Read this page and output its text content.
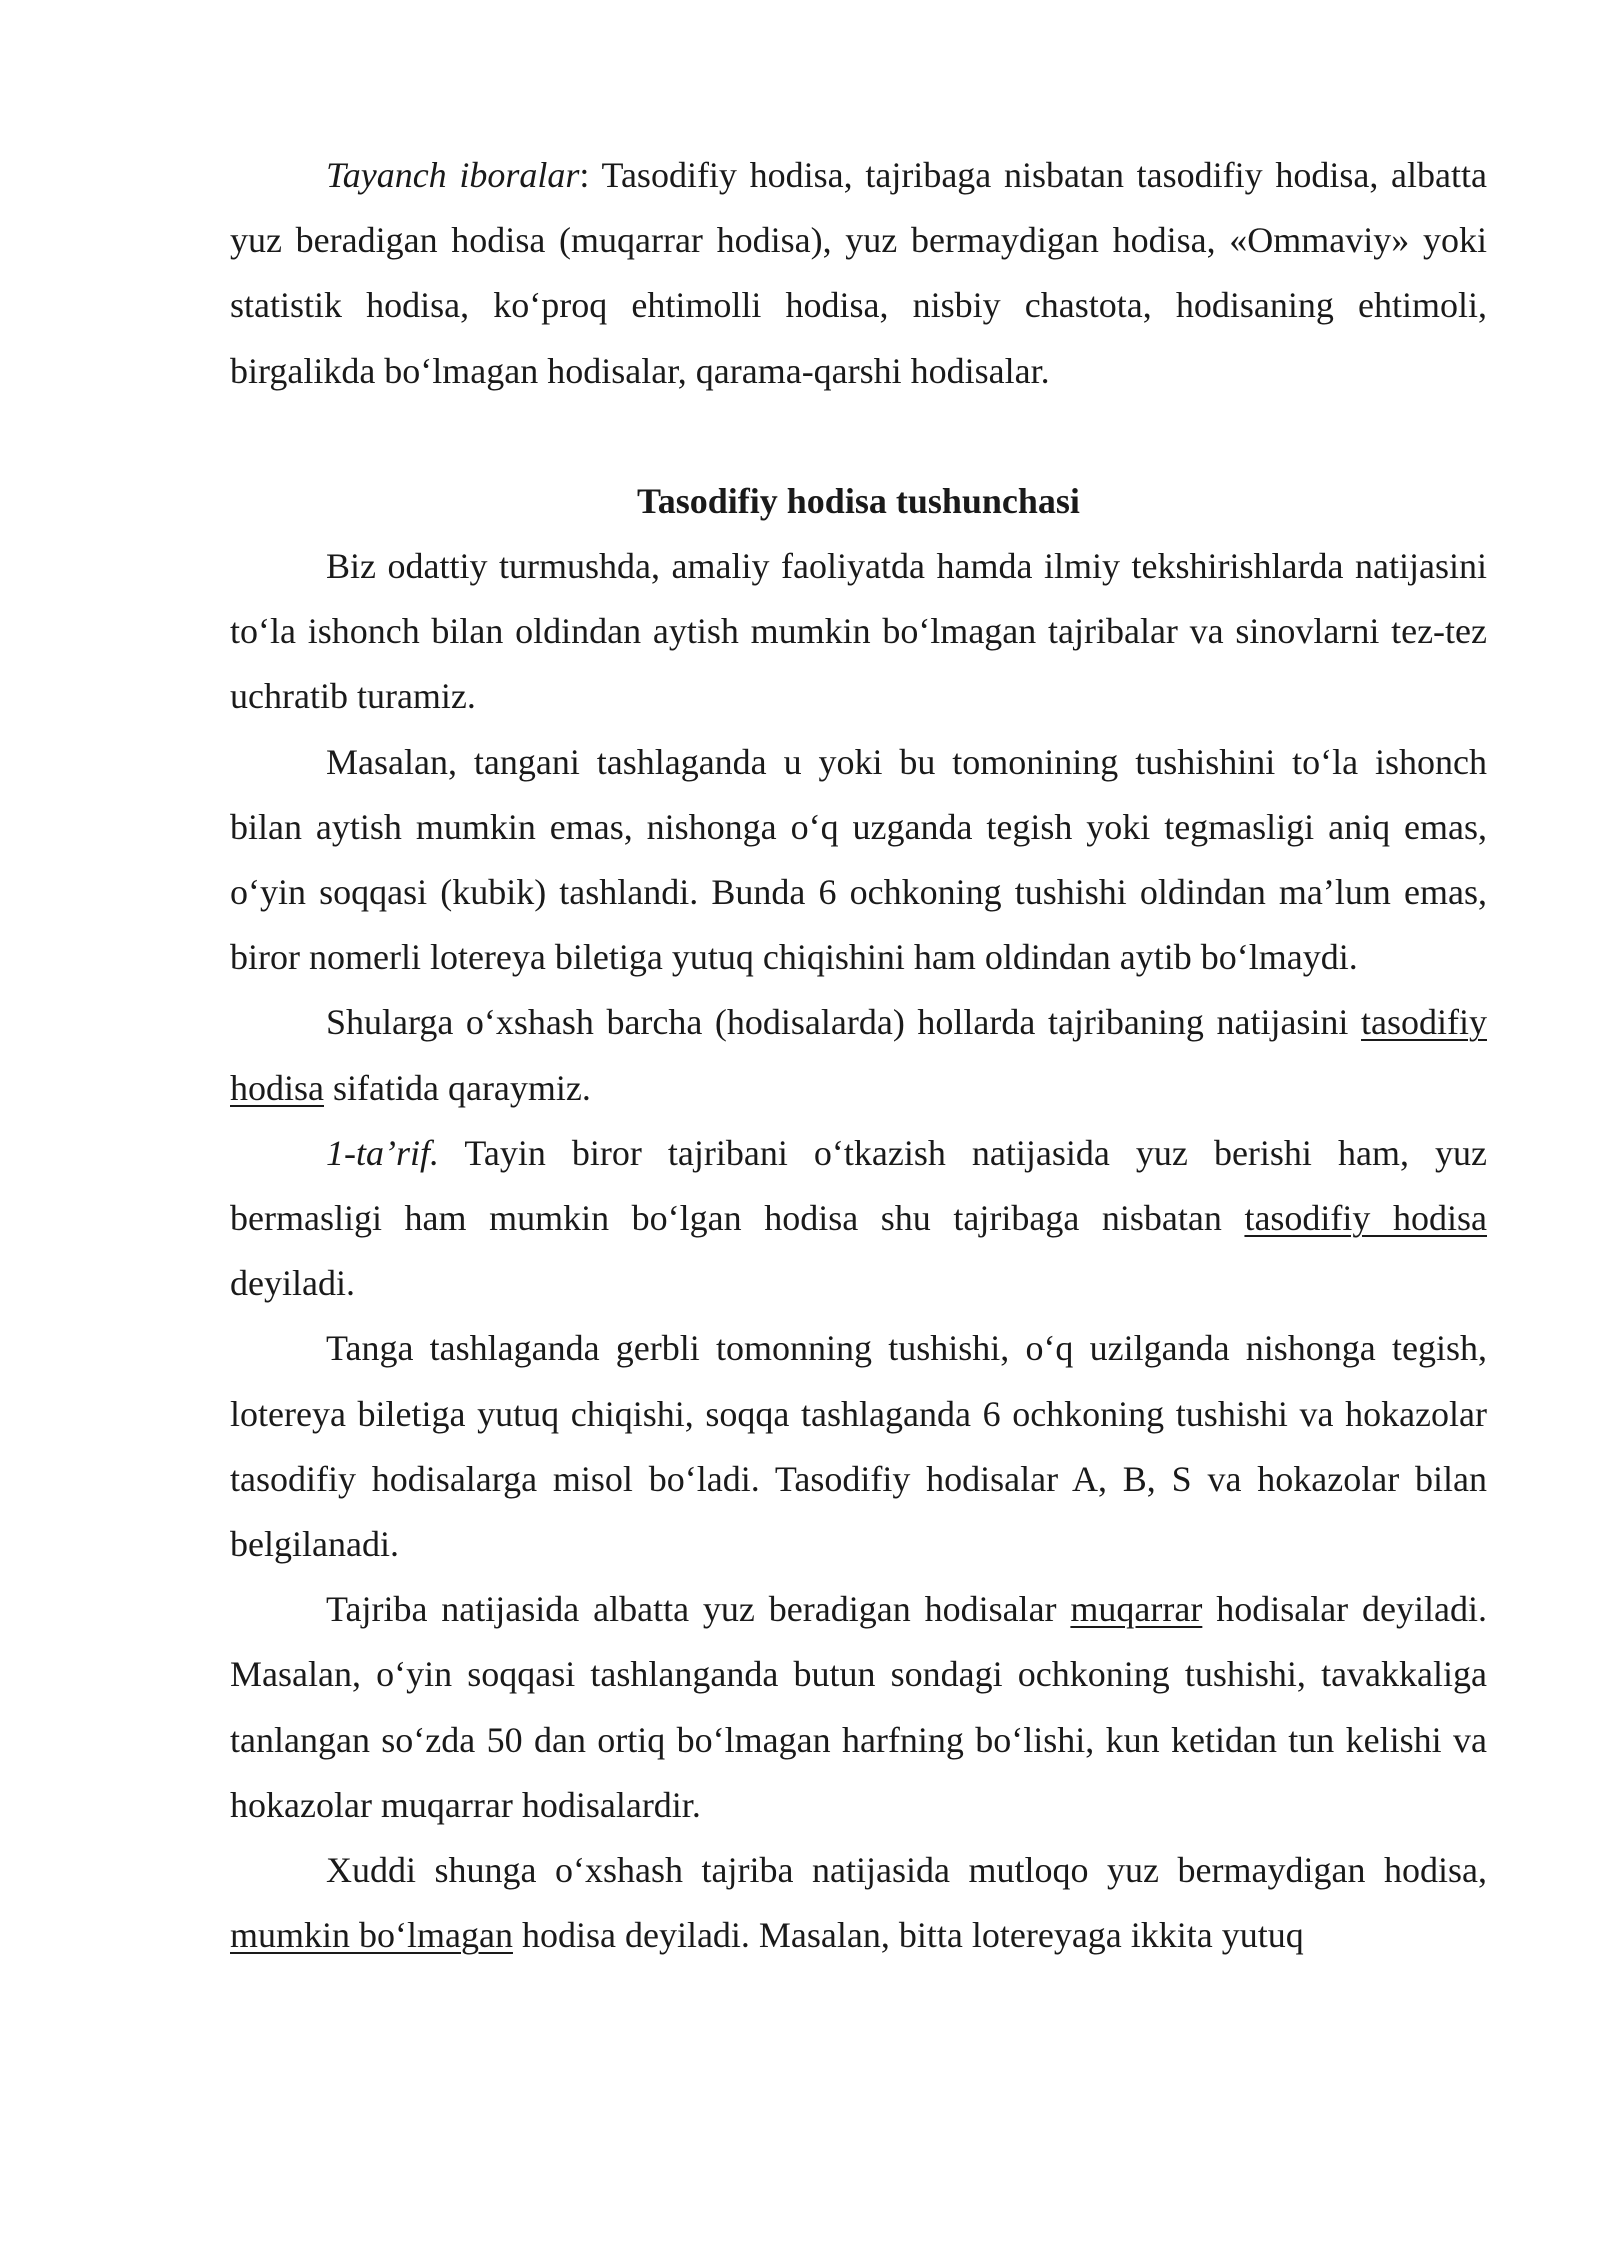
Tayanch iboralar: Tasodifiy hodisa, tajribaga nisbatan tasodifiy hodisa, albatta yuz beradigan hodisa (muqarrar hodisa), yuz bermaydigan hodisa, «Ommaviy» yoki statistik hodisa, ko‘proq ehtimolli hodisa, nisbiy chastota, hodisaning ehtimoli, birgalikda bo‘lmagan hodisalar, qarama-qarshi hodisalar.

Tasodifiy hodisa tushunchasi

Biz odattiy turmushda, amaliy faoliyatda hamda ilmiy tekshirishlarda natijasini to‘la ishonch bilan oldindan aytish mumkin bo‘lmagan tajribalar va sinovlarni tez-tez uchratib turamiz.

Masalan, tangani tashlaganda u yoki bu tomonining tushishini to‘la ishonch bilan aytish mumkin emas, nishonga o‘q uzganda tegish yoki tegmasligi aniq emas, o‘yin soqqasi (kubik) tashlandi. Bunda 6 ochkoning tushishi oldindan ma’lum emas, biror nomerli lotereya biletiga yutuq chiqishini ham oldindan aytib bo‘lmaydi.

Shularga o‘xshash barcha (hodisalarda) hollarda tajribaning natijasini tasodifiy hodisa sifatida qaraymiz.

1-ta’rif. Tayin biror tajribani o‘tkazish natijasida yuz berishi ham, yuz bermasligi ham mumkin bo‘lgan hodisa shu tajribaga nisbatan tasodifiy hodisa deyiladi.

Tanga tashlaganda gerbli tomonning tushishi, o‘q uzilganda nishonga tegish, lotereya biletiga yutuq chiqishi, soqqa tashlaganda 6 ochkoning tushishi va hokazolar tasodifiy hodisalarga misol bo‘ladi. Tasodifiy hodisalar A, B, S va hokazolar bilan belgilanadi.

Tajriba natijasida albatta yuz beradigan hodisalar muqarrar hodisalar deyiladi. Masalan, o‘yin soqqasi tashlanganda butun sondagi ochkoning tushishi, tavakkaliga tanlangan so‘zda 50 dan ortiq bo‘lmagan harfning bo‘lishi, kun ketidan tun kelishi va hokazolar muqarrar hodisalardir.

Xuddi shunga o‘xshash tajriba natijasida mutloqo yuz bermaydigan hodisa, mumkin bo‘lmagan hodisa deyiladi. Masalan, bitta lotereyaga ikkita yutuq
